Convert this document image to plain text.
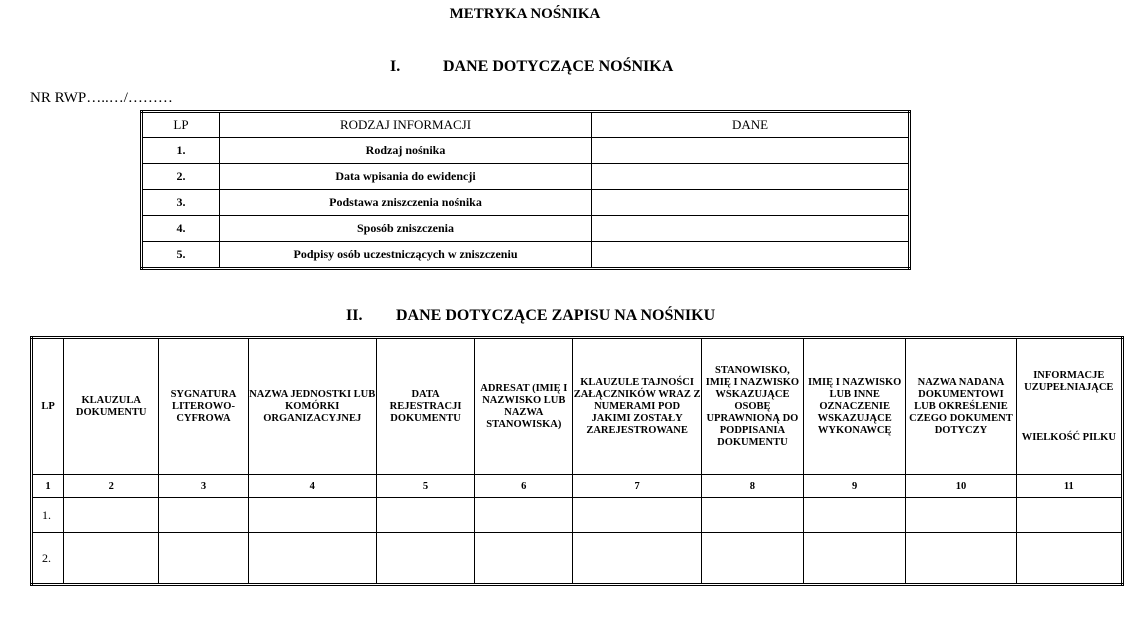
METRYKA NOŚNIKA
I.	DANE DOTYCZĄCE NOŚNIKA
NR RWP…..…/………
LP	RODZAJ INFORMACJI	DANE
1.	Rodzaj nośnika	
2.	Data wpisania do ewidencji	
3.	Podstawa zniszczenia nośnika	
4.	Sposób zniszczenia	
5.	Podpisy osób uczestniczących w zniszczeniu	
II. DANE DOTYCZĄCE ZAPISU NA NOŚNIKU
LP	KLAUZULA DOKUMENTU	SYGNATURA LITEROWO-CYFROWA	NAZWA JEDNOSTKI LUB KOMÓRKI ORGANIZACYJNEJ	DATA REJESTRACJI DOKUMENTU	ADRESAT (IMIĘ I NAZWISKO LUB NAZWA STANOWISKA)	KLAUZULE TAJNOŚCI ZAŁĄCZNIKÓW WRAZ Z NUMERAMI POD JAKIMI ZOSTAŁY ZAREJESTROWANE	STANOWISKO, IMIĘ I NAZWISKO WSKAZUJĄCE OSOBĘ UPRAWNIONĄ DO PODPISANIA DOKUMENTU	IMIĘ I NAZWISKO LUB INNE OZNACZENIE WSKAZUJĄCE WYKONAWCĘ	NAZWA NADANA DOKUMENTOWI LUB OKREŚLENIE CZEGO DOKUMENT DOTYCZY	INFORMACJE UZUPEŁNIAJĄCE
WIELKOŚĆ PILKU

1	2	3	4	5	6	7	8	9	10	11
1.										
2.										
